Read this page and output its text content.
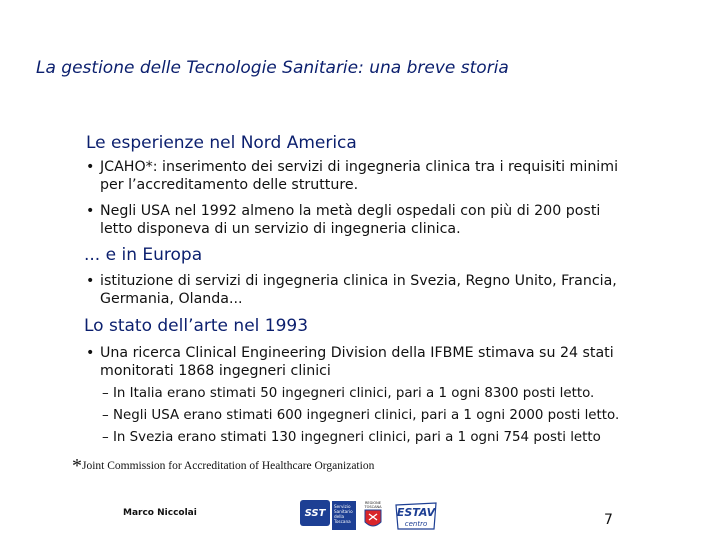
La gestione delle Tecnologie Sanitarie: una breve storia
Le esperienze nel Nord America
• JCAHO*: inserimento dei servizi di ingegneria clinica tra i requisiti minimi
per l’accreditamento delle strutture.
• Negli USA nel 1992 almeno la metà degli ospedali con più di 200 posti
letto disponeva di un servizio di ingegneria clinica.
... e in Europa
• istituzione di servizi di ingegneria clinica in Svezia, Regno Unito, Francia,
Germania, Olanda...
Lo stato dell’arte nel 1993
• Una ricerca Clinical Engineering Division della IFBME stimava su 24 stati
monitorati 1868 ingegneri clinici
– In Italia erano stimati 50 ingegneri clinici, pari a 1 ogni 8300 posti letto.
– Negli USA erano stimati 600 ingegneri clinici, pari a 1 ogni 2000 posti letto.
– In Svezia erano stimati 130 ingegneri clinici, pari a 1 ogni 754 posti letto
*Joint Commission for Accreditation of Healthcare Organization
Marco Niccolai	SST
Servizio
Sanitario
della
Toscana
REGIONE
TOSCANA ESTAV
centro	7
